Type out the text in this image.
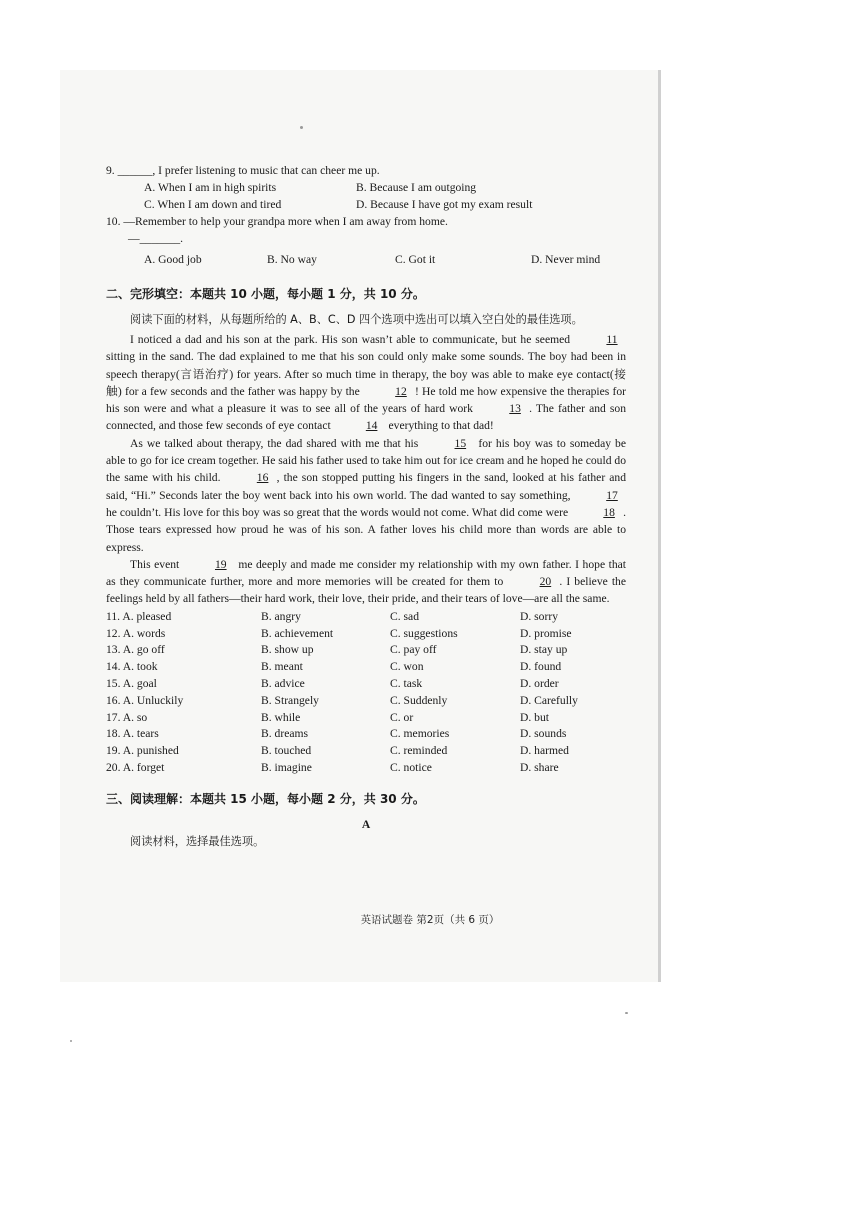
9. ______, I prefer listening to music that can cheer me up.
A. When I am in high spirits	B. Because I am outgoing
C. When I am down and tired	D. Because I have got my exam result
10. —Remember to help your grandpa more when I am away from home.
—_______.
A. Good job	B. No way	C. Got it	D. Never mind
二、完形填空：本题共 10 小题，每小题 1 分，共 10 分。
阅读下面的材料，从每题所给的 A、B、C、D 四个选项中选出可以填入空白处的最佳选项。
I noticed a dad and his son at the park. His son wasn’t able to communicate, but he seemed	11 sitting in the sand. The dad explained to me that his son could only make some sounds. The boy had been in speech therapy(言语治疗) for years. After so much time in therapy, the boy was able to make eye contact(接触) for a few seconds and the father was happy by the	12 ! He told me how expensive the therapies for his son were and what a pleasure it was to see all of the years of hard work	13 . The father and son connected, and those few seconds of eye contact	14 everything to that dad!
As we talked about therapy, the dad shared with me that his	15 for his boy was to someday be able to go for ice cream together. He said his father used to take him out for ice cream and he hoped he could do the same with his child.	16 , the son stopped putting his fingers in the sand, looked at his father and said, “Hi.” Seconds later the boy went back into his own world. The dad wanted to say something,	17 he couldn’t. His love for this boy was so great that the words would not come. What did come were	18 . Those tears expressed how proud he was of his son. A father loves his child more than words are able to express.
This event	19 me deeply and made me consider my relationship with my own father. I hope that as they communicate further, more and more memories will be created for them to	20 . I believe the feelings held by all fathers—their hard work, their love, their pride, and their tears of love—are all the same.
11. A. pleased	B. angry	C. sad	D. sorry
12. A. words	B. achievement	C. suggestions	D. promise
13. A. go off	B. show up	C. pay off	D. stay up
14. A. took	B. meant	C. won	D. found
15. A. goal	B. advice	C. task	D. order
16. A. Unluckily	B. Strangely	C. Suddenly	D. Carefully
17. A. so	B. while	C. or	D. but
18. A. tears	B. dreams	C. memories	D. sounds
19. A. punished	B. touched	C. reminded	D. harmed
20. A. forget	B. imagine	C. notice	D. share
三、阅读理解：本题共 15 小题，每小题 2 分，共 30 分。
A
阅读材料，选择最佳选项。
英语试题卷 第2页（共 6 页）
